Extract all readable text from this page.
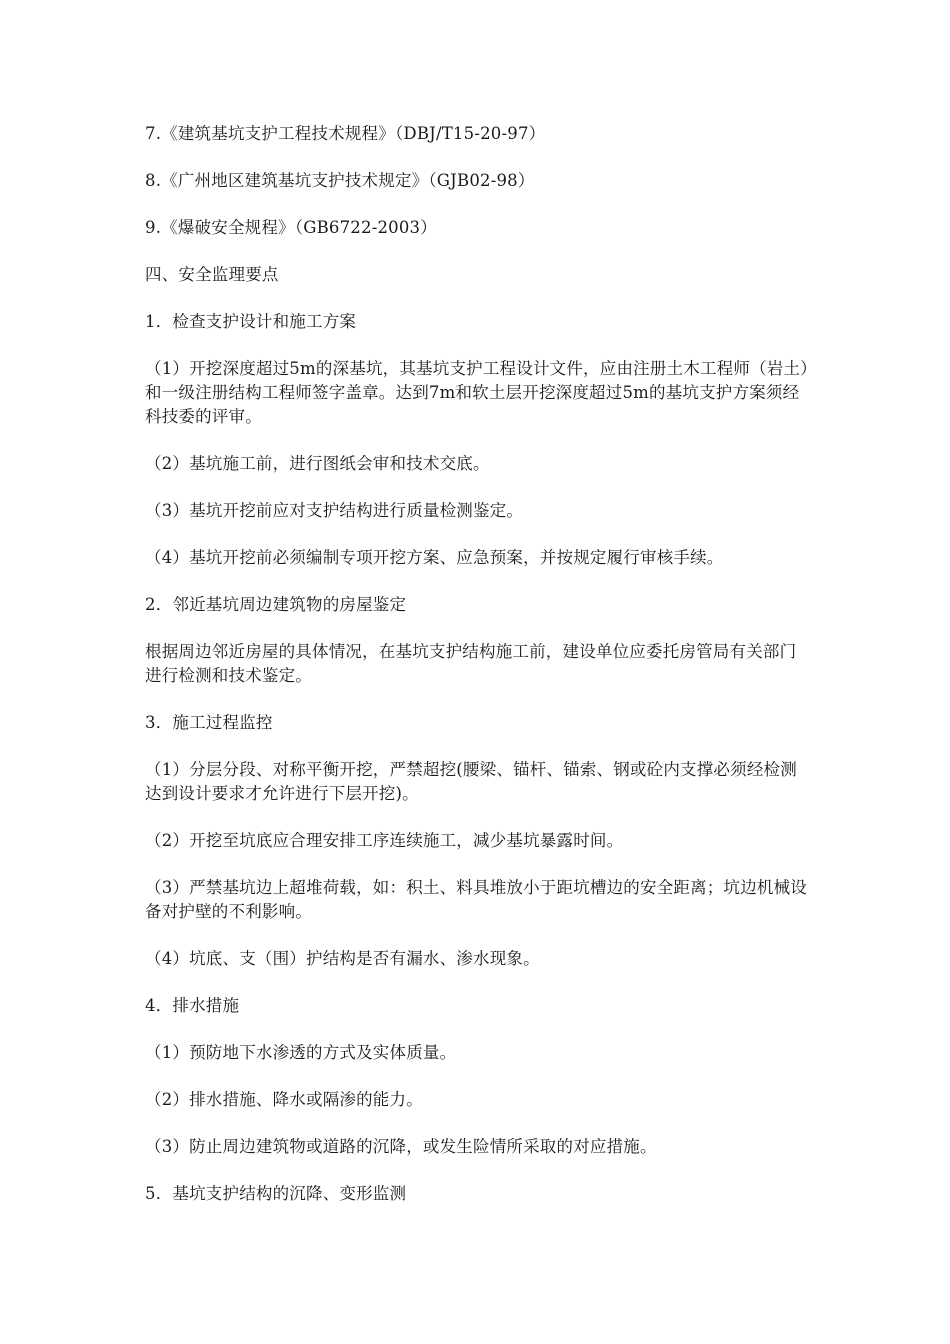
7.《建筑基坑支护工程技术规程》（DBJ/T15-20-97）

8.《广州地区建筑基坑支护技术规定》（GJB02-98）

9.《爆破安全规程》（GB6722-2003）

四、安全监理要点

1．检查支护设计和施工方案

（1）开挖深度超过5m的深基坑，其基坑支护工程设计文件，应由注册土木工程师（岩土）和一级注册结构工程师签字盖章。达到7m和软土层开挖深度超过5m的基坑支护方案须经科技委的评审。

（2）基坑施工前，进行图纸会审和技术交底。

（3）基坑开挖前应对支护结构进行质量检测鉴定。

（4）基坑开挖前必须编制专项开挖方案、应急预案，并按规定履行审核手续。

2．邻近基坑周边建筑物的房屋鉴定

根据周边邻近房屋的具体情况，在基坑支护结构施工前，建设单位应委托房管局有关部门进行检测和技术鉴定。

3．施工过程监控

（1）分层分段、对称平衡开挖，严禁超挖(腰梁、锚杆、锚索、钢或砼内支撑必须经检测达到设计要求才允许进行下层开挖)。

（2）开挖至坑底应合理安排工序连续施工，减少基坑暴露时间。

（3）严禁基坑边上超堆荷载，如：积土、料具堆放小于距坑槽边的安全距离；坑边机械设备对护壁的不利影响。

（4）坑底、支（围）护结构是否有漏水、渗水现象。

4．排水措施

（1）预防地下水渗透的方式及实体质量。

（2）排水措施、降水或隔渗的能力。

（3）防止周边建筑物或道路的沉降，或发生险情所采取的对应措施。

5．基坑支护结构的沉降、变形监测
